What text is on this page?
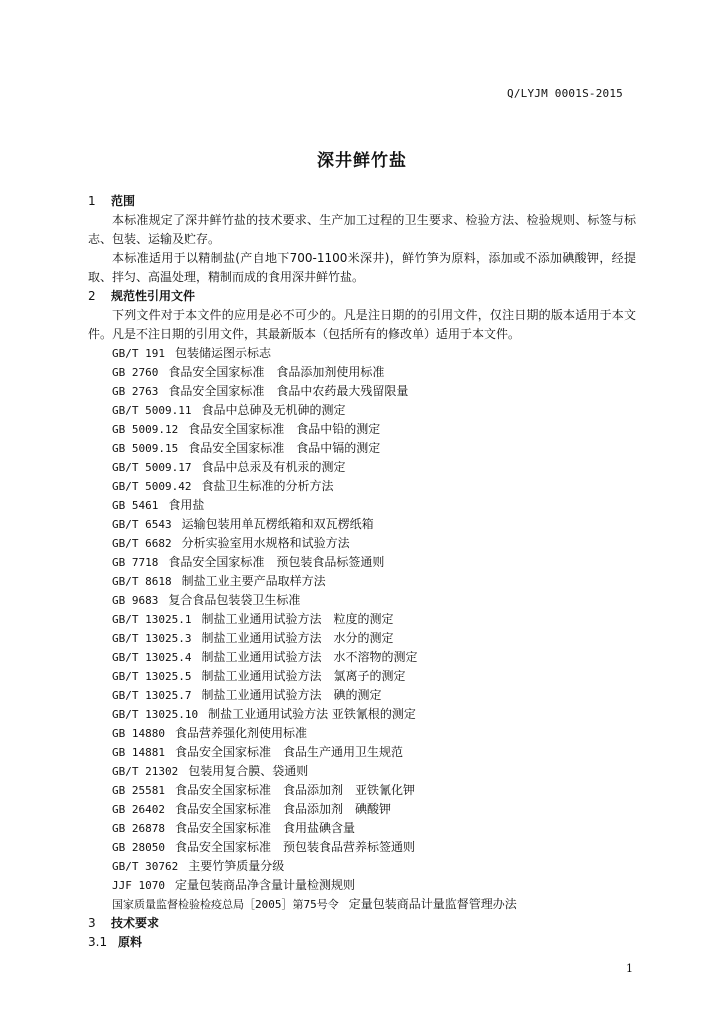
Q/LYJM 0001S-2015
深井鲜竹盐
1 范围
本标准规定了深井鲜竹盐的技术要求、生产加工过程的卫生要求、检验方法、检验规则、标签与标志、包装、运输及贮存。
本标准适用于以精制盐(产自地下700-1100米深井)，鲜竹笋为原料，添加或不添加碘酸钾，经提取、拌匀、高温处理，精制而成的食用深井鲜竹盐。
2 规范性引用文件
下列文件对于本文件的应用是必不可少的。凡是注日期的的引用文件，仅注日期的版本适用于本文件。凡是不注日期的引用文件，其最新版本（包括所有的修改单）适用于本文件。
GB/T 191 包装储运图示标志
GB 2760 食品安全国家标准　食品添加剂使用标准
GB 2763 食品安全国家标准　食品中农药最大残留限量
GB/T 5009.11 食品中总砷及无机砷的测定
GB 5009.12 食品安全国家标准　食品中铅的测定
GB 5009.15 食品安全国家标准　食品中镉的测定
GB/T 5009.17 食品中总汞及有机汞的测定
GB/T 5009.42 食盐卫生标准的分析方法
GB 5461 食用盐
GB/T 6543 运输包装用单瓦楞纸箱和双瓦楞纸箱
GB/T 6682 分析实验室用水规格和试验方法
GB 7718 食品安全国家标准　预包装食品标签通则
GB/T 8618 制盐工业主要产品取样方法
GB 9683 复合食品包装袋卫生标准
GB/T 13025.1 制盐工业通用试验方法　粒度的测定
GB/T 13025.3 制盐工业通用试验方法　水分的测定
GB/T 13025.4 制盐工业通用试验方法　水不溶物的测定
GB/T 13025.5 制盐工业通用试验方法　氯离子的测定
GB/T 13025.7 制盐工业通用试验方法　碘的测定
GB/T 13025.10 制盐工业通用试验方法 亚铁氰根的测定
GB 14880 食品营养强化剂使用标准
GB 14881 食品安全国家标准　食品生产通用卫生规范
GB/T 21302 包装用复合膜、袋通则
GB 25581 食品安全国家标准　食品添加剂　亚铁氰化钾
GB 26402 食品安全国家标准　食品添加剂　碘酸钾
GB 26878 食品安全国家标准　食用盐碘含量
GB 28050 食品安全国家标准　预包装食品营养标签通则
GB/T 30762 主要竹笋质量分级
JJF 1070 定量包装商品净含量计量检测规则
国家质量监督检验检疫总局［2005］第75号令 定量包装商品计量监督管理办法
3 技术要求
3.1 原料
1
